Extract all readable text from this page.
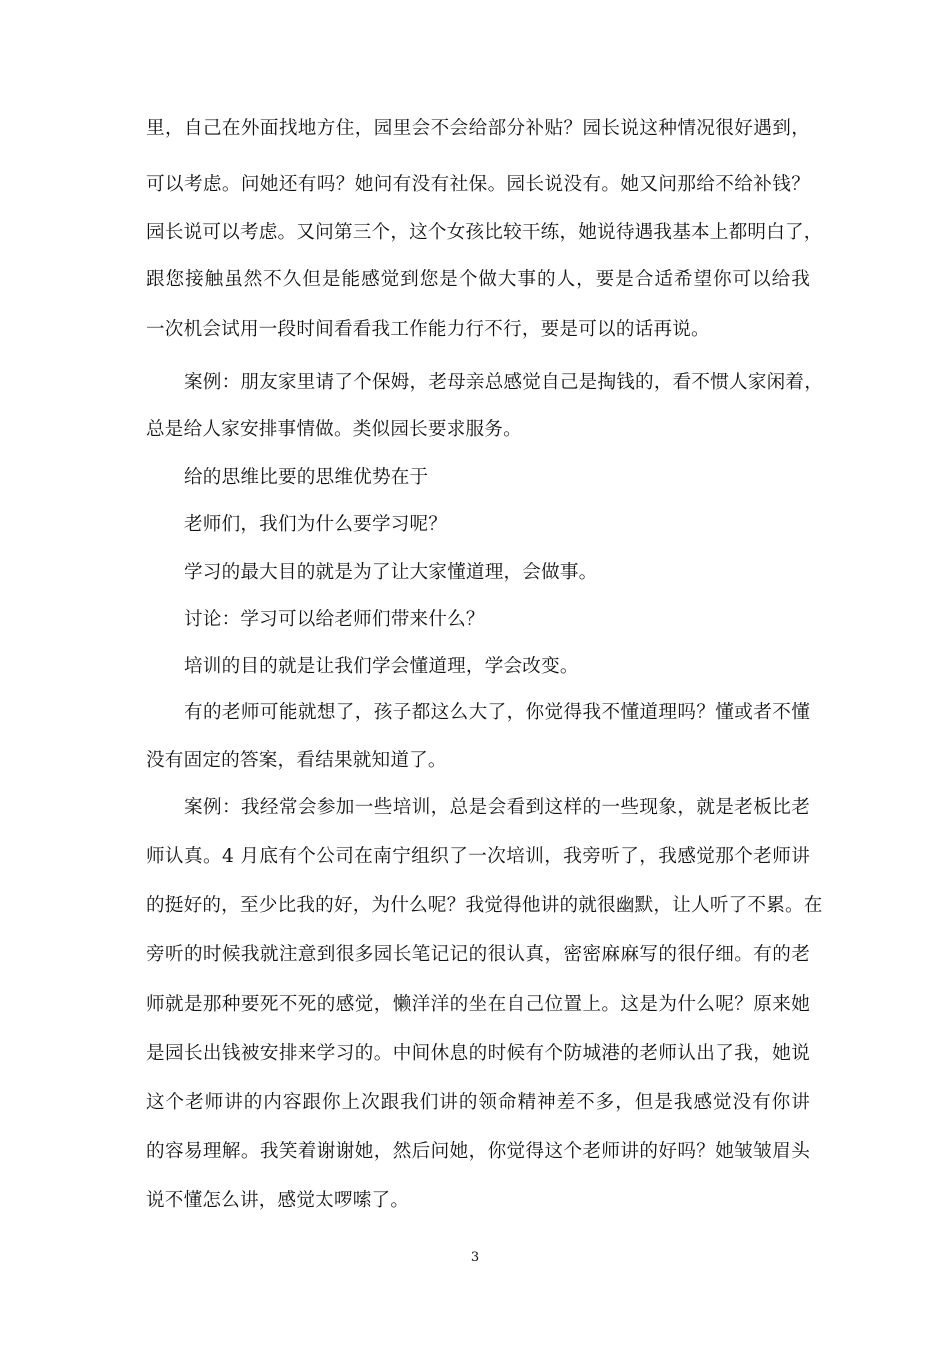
里，自己在外面找地方住，园里会不会给部分补贴？园长说这种情况很好遇到，
可以考虑。问她还有吗？她问有没有社保。园长说没有。她又问那给不给补钱？
园长说可以考虑。又问第三个，这个女孩比较干练，她说待遇我基本上都明白了，
跟您接触虽然不久但是能感觉到您是个做大事的人，要是合适希望你可以给我
一次机会试用一段时间看看我工作能力行不行，要是可以的话再说。
案例：朋友家里请了个保姆，老母亲总感觉自己是掏钱的，看不惯人家闲着，
总是给人家安排事情做。类似园长要求服务。
给的思维比要的思维优势在于
老师们，我们为什么要学习呢？
学习的最大目的就是为了让大家懂道理，会做事。
讨论：学习可以给老师们带来什么？
培训的目的就是让我们学会懂道理，学会改变。
有的老师可能就想了，孩子都这么大了，你觉得我不懂道理吗？懂或者不懂
没有固定的答案，看结果就知道了。
案例：我经常会参加一些培训，总是会看到这样的一些现象，就是老板比老
师认真。4 月底有个公司在南宁组织了一次培训，我旁听了，我感觉那个老师讲
的挺好的，至少比我的好，为什么呢？我觉得他讲的就很幽默，让人听了不累。在
旁听的时候我就注意到很多园长笔记记的很认真，密密麻麻写的很仔细。有的老
师就是那种要死不死的感觉，懒洋洋的坐在自己位置上。这是为什么呢？原来她
是园长出钱被安排来学习的。中间休息的时候有个防城港的老师认出了我，她说
这个老师讲的内容跟你上次跟我们讲的领命精神差不多，但是我感觉没有你讲
的容易理解。我笑着谢谢她，然后问她，你觉得这个老师讲的好吗？她皱皱眉头
说不懂怎么讲，感觉太啰嗦了。
3
